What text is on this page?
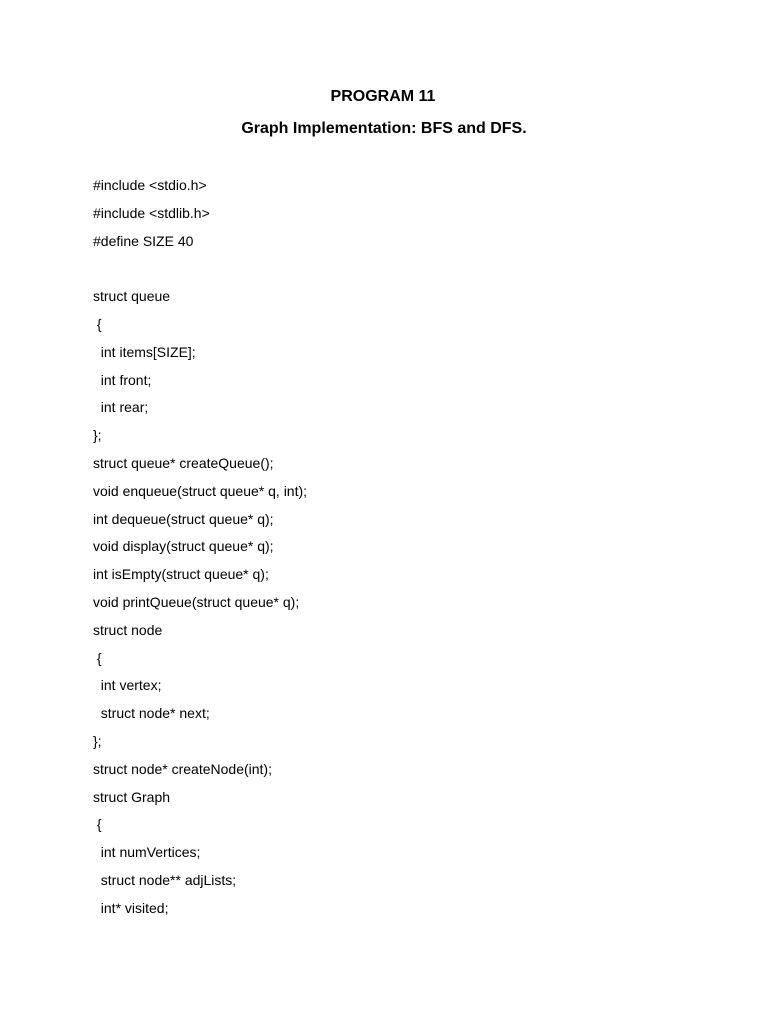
PROGRAM 11
Graph Implementation: BFS and DFS.
#include <stdio.h>
#include <stdlib.h>
#define SIZE 40
struct queue
{
int items[SIZE];
int front;
int rear;
};
struct queue* createQueue();
void enqueue(struct queue* q, int);
int dequeue(struct queue* q);
void display(struct queue* q);
int isEmpty(struct queue* q);
void printQueue(struct queue* q);
struct node
{
int vertex;
struct node* next;
};
struct node* createNode(int);
struct Graph
{
int numVertices;
struct node** adjLists;
int* visited;
